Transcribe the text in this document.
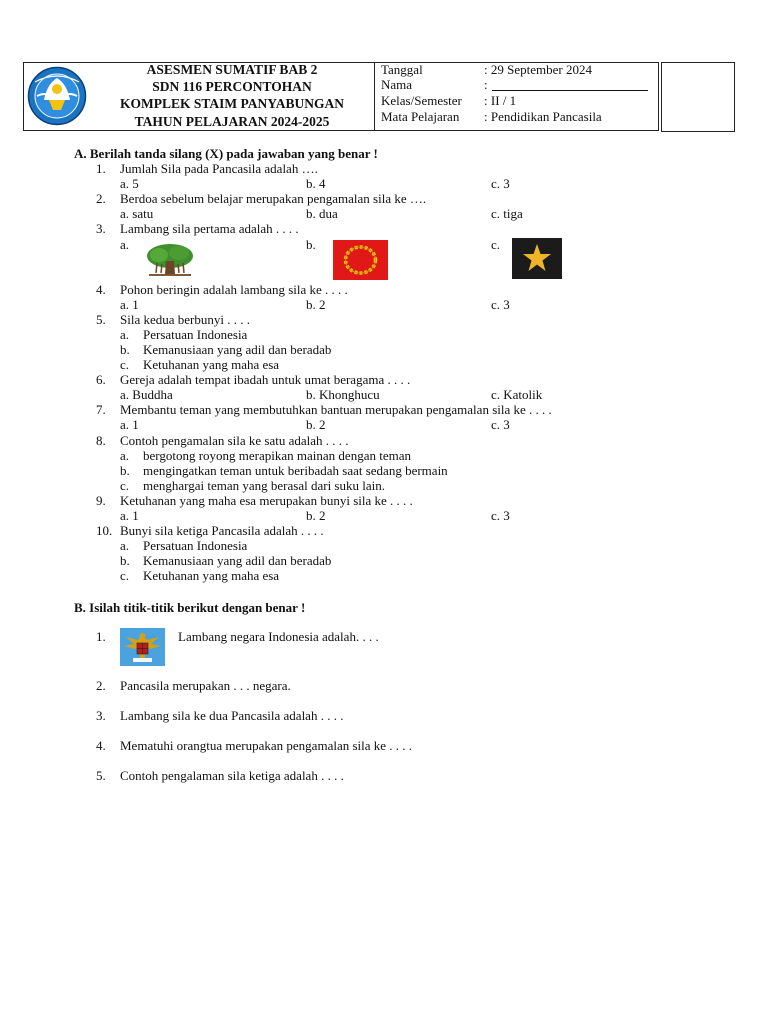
ASESMEN SUMATIF BAB 2
SDN 116 PERCONTOHAN
KOMPLEK STAIM PANYABUNGAN
TAHUN PELAJARAN 2024-2025
Tanggal	: 29 September 2024
Nama	:
Kelas/Semester : II / 1
Mata Pelajaran : Pendidikan Pancasila
A. Berilah tanda silang (X) pada jawaban yang benar !
1. Jumlah Sila pada Pancasila adalah ….
a. 5	b. 4	c. 3
2. Berdoa sebelum belajar merupakan pengamalan sila ke ….
a. satu	b. dua	c. tiga
3. Lambang sila pertama adalah . . . .
a.	b.	c.
4. Pohon beringin adalah lambang sila ke . . . .
a. 1	b. 2	c. 3
5. Sila kedua berbunyi . . . .
a. Persatuan Indonesia
b. Kemanusiaan yang adil dan beradab
c. Ketuhanan yang maha esa
6. Gereja adalah tempat ibadah untuk umat beragama . . . .
a. Buddha	b. Khonghucu	c. Katolik
7. Membantu teman yang membutuhkan bantuan merupakan pengamalan sila ke . . . .
a. 1	b. 2	c. 3
8. Contoh pengamalan sila ke satu adalah . . . .
a. bergotong royong merapikan mainan dengan teman
b. mengingatkan teman untuk beribadah saat sedang bermain
c. menghargai teman yang berasal dari suku lain.
9. Ketuhanan yang maha esa merupakan bunyi sila ke . . . .
a. 1	b. 2	c. 3
10. Bunyi sila ketiga Pancasila adalah . . . .
a. Persatuan Indonesia
b. Kemanusiaan yang adil dan beradab
c. Ketuhanan yang maha esa
B. Isilah titik-titik berikut dengan benar !
1.	Lambang negara Indonesia adalah. . . .
2. Pancasila merupakan . . . negara.
3. Lambang sila ke dua Pancasila adalah . . . .
4. Mematuhi orangtua merupakan pengamalan sila ke . . . .
5. Contoh pengalaman sila ketiga adalah . . . .
